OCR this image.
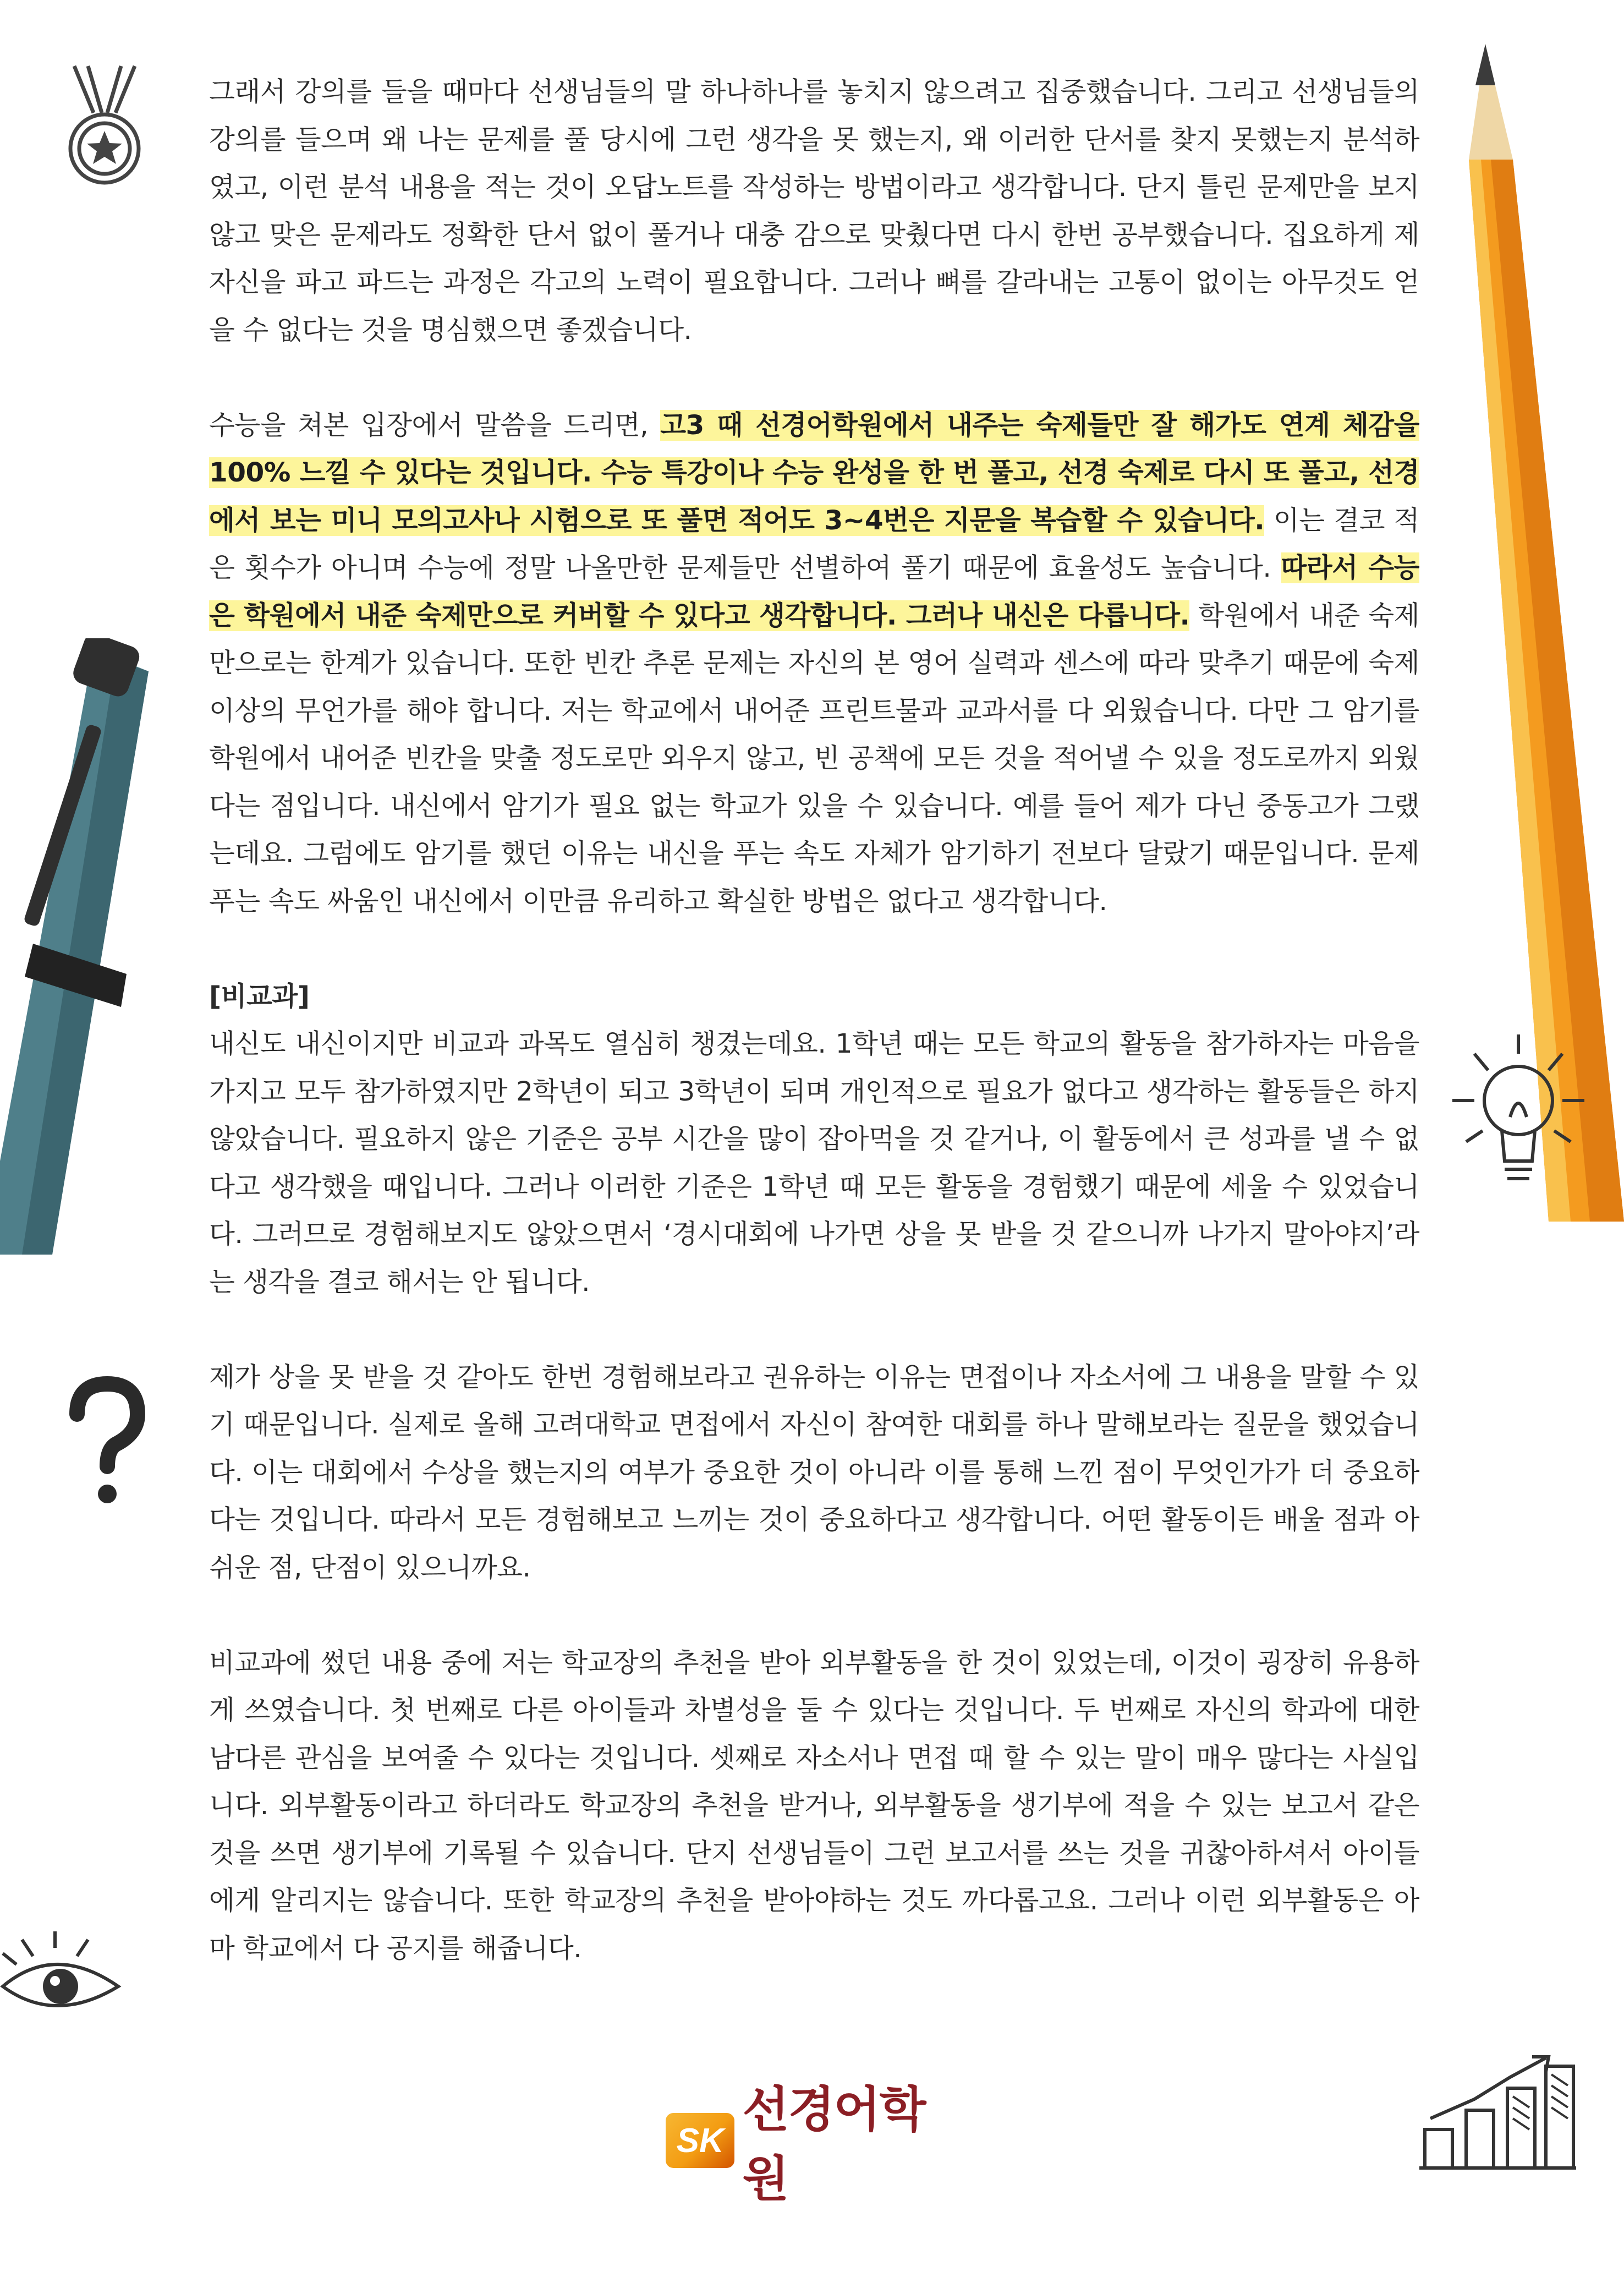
그래서 강의를 들을 때마다 선생님들의 말 하나하나를 놓치지 않으려고 집중했습니다. 그리고 선생님들의 강의를 들으며 왜 나는 문제를 풀 당시에 그런 생각을 못 했는지, 왜 이러한 단서를 찾지 못했는지 분석하였고, 이런 분석 내용을 적는 것이 오답노트를 작성하는 방법이라고 생각합니다. 단지 틀린 문제만을 보지 않고 맞은 문제라도 정확한 단서 없이 풀거나 대충 감으로 맞췄다면 다시 한번 공부했습니다. 집요하게 제 자신을 파고 파드는 과정은 각고의 노력이 필요합니다. 그러나 뼈를 갈라내는 고통이 없이는 아무것도 얻을 수 없다는 것을 명심했으면 좋겠습니다.

수능을 쳐본 입장에서 말씀을 드리면, 고3 때 선경어학원에서 내주는 숙제들만 잘 해가도 연계 체감을 100% 느낄 수 있다는 것입니다. 수능 특강이나 수능 완성을 한 번 풀고, 선경 숙제로 다시 또 풀고, 선경에서 보는 미니 모의고사나 시험으로 또 풀면 적어도 3~4번은 지문을 복습할 수 있습니다. 이는 결코 적은 횟수가 아니며 수능에 정말 나올만한 문제들만 선별하여 풀기 때문에 효율성도 높습니다. 따라서 수능은 학원에서 내준 숙제만으로 커버할 수 있다고 생각합니다. 그러나 내신은 다릅니다. 학원에서 내준 숙제만으로는 한계가 있습니다. 또한 빈칸 추론 문제는 자신의 본 영어 실력과 센스에 따라 맞추기 때문에 숙제 이상의 무언가를 해야 합니다. 저는 학교에서 내어준 프린트물과 교과서를 다 외웠습니다. 다만 그 암기를 학원에서 내어준 빈칸을 맞출 정도로만 외우지 않고, 빈 공책에 모든 것을 적어낼 수 있을 정도로까지 외웠다는 점입니다. 내신에서 암기가 필요 없는 학교가 있을 수 있습니다. 예를 들어 제가 다닌 중동고가 그랬는데요. 그럼에도 암기를 했던 이유는 내신을 푸는 속도 자체가 암기하기 전보다 달랐기 때문입니다. 문제 푸는 속도 싸움인 내신에서 이만큼 유리하고 확실한 방법은 없다고 생각합니다.

[비교과]

내신도 내신이지만 비교과 과목도 열심히 챙겼는데요. 1학년 때는 모든 학교의 활동을 참가하자는 마음을 가지고 모두 참가하였지만 2학년이 되고 3학년이 되며 개인적으로 필요가 없다고 생각하는 활동들은 하지 않았습니다. 필요하지 않은 기준은 공부 시간을 많이 잡아먹을 것 같거나, 이 활동에서 큰 성과를 낼 수 없다고 생각했을 때입니다. 그러나 이러한 기준은 1학년 때 모든 활동을 경험했기 때문에 세울 수 있었습니다. 그러므로 경험해보지도 않았으면서 ‘경시대회에 나가면 상을 못 받을 것 같으니까 나가지 말아야지’라는 생각을 결코 해서는 안 됩니다.

제가 상을 못 받을 것 같아도 한번 경험해보라고 권유하는 이유는 면접이나 자소서에 그 내용을 말할 수 있기 때문입니다. 실제로 올해 고려대학교 면접에서 자신이 참여한 대회를 하나 말해보라는 질문을 했었습니다. 이는 대회에서 수상을 했는지의 여부가 중요한 것이 아니라 이를 통해 느낀 점이 무엇인가가 더 중요하다는 것입니다. 따라서 모든 경험해보고 느끼는 것이 중요하다고 생각합니다. 어떤 활동이든 배울 점과 아쉬운 점, 단점이 있으니까요.

비교과에 썼던 내용 중에 저는 학교장의 추천을 받아 외부활동을 한 것이 있었는데, 이것이 굉장히 유용하게 쓰였습니다. 첫 번째로 다른 아이들과 차별성을 둘 수 있다는 것입니다. 두 번째로 자신의 학과에 대한 남다른 관심을 보여줄 수 있다는 것입니다. 셋째로 자소서나 면접 때 할 수 있는 말이 매우 많다는 사실입니다. 외부활동이라고 하더라도 학교장의 추천을 받거나, 외부활동을 생기부에 적을 수 있는 보고서 같은 것을 쓰면 생기부에 기록될 수 있습니다. 단지 선생님들이 그런 보고서를 쓰는 것을 귀찮아하셔서 아이들에게 알리지는 않습니다. 또한 학교장의 추천을 받아야하는 것도 까다롭고요. 그러나 이런 외부활동은 아마 학교에서 다 공지를 해줍니다.

SK
선경어학원
